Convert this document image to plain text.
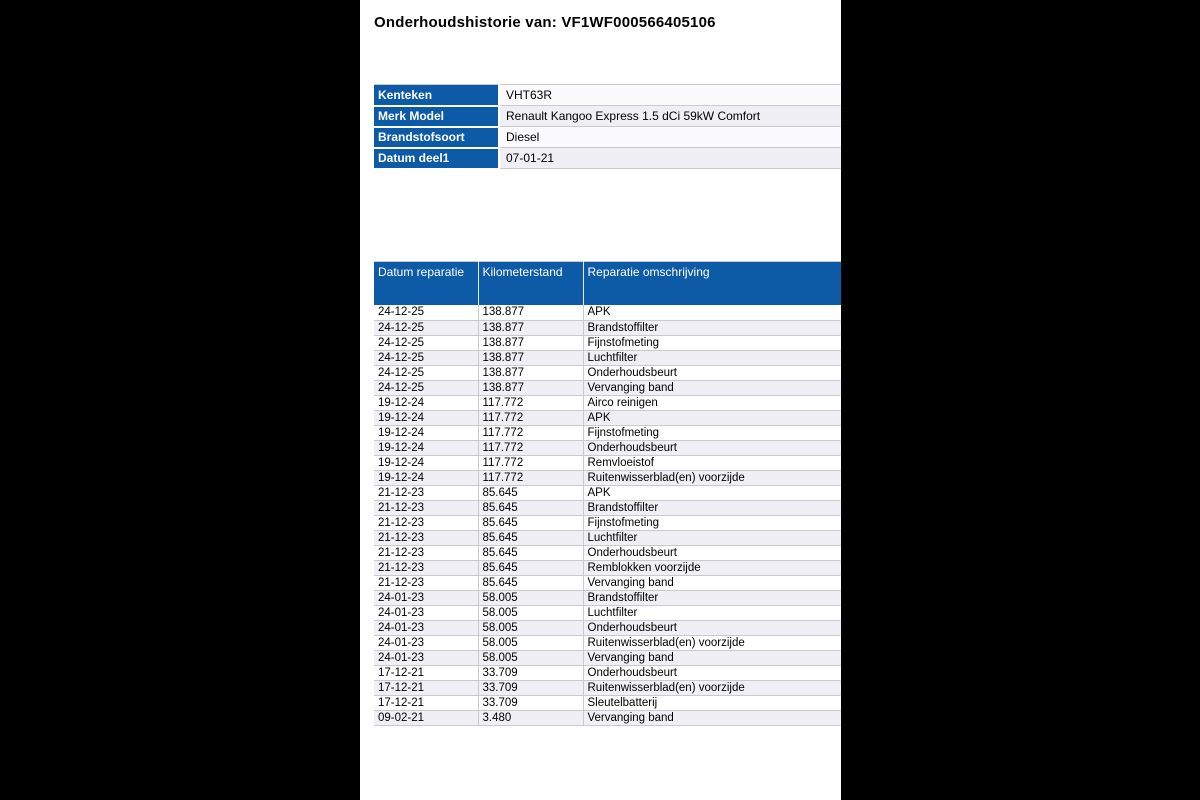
Onderhoudshistorie van: VF1WF000566405106
Kenteken	VHT63R
Merk Model	Renault Kangoo Express 1.5 dCi 59kW Comfort
Brandstofsoort	Diesel
Datum deel1	07-01-21
Datum reparatie	Kilometerstand	Reparatie omschrijving
24-12-25	138.877	APK
24-12-25	138.877	Brandstoffilter
24-12-25	138.877	Fijnstofmeting
24-12-25	138.877	Luchtfilter
24-12-25	138.877	Onderhoudsbeurt
24-12-25	138.877	Vervanging band
19-12-24	117.772	Airco reinigen
19-12-24	117.772	APK
19-12-24	117.772	Fijnstofmeting
19-12-24	117.772	Onderhoudsbeurt
19-12-24	117.772	Remvloeistof
19-12-24	117.772	Ruitenwisserblad(en) voorzijde
21-12-23	85.645	APK
21-12-23	85.645	Brandstoffilter
21-12-23	85.645	Fijnstofmeting
21-12-23	85.645	Luchtfilter
21-12-23	85.645	Onderhoudsbeurt
21-12-23	85.645	Remblokken voorzijde
21-12-23	85.645	Vervanging band
24-01-23	58.005	Brandstoffilter
24-01-23	58.005	Luchtfilter
24-01-23	58.005	Onderhoudsbeurt
24-01-23	58.005	Ruitenwisserblad(en) voorzijde
24-01-23	58.005	Vervanging band
17-12-21	33.709	Onderhoudsbeurt
17-12-21	33.709	Ruitenwisserblad(en) voorzijde
17-12-21	33.709	Sleutelbatterij
09-02-21	3.480	Vervanging band
